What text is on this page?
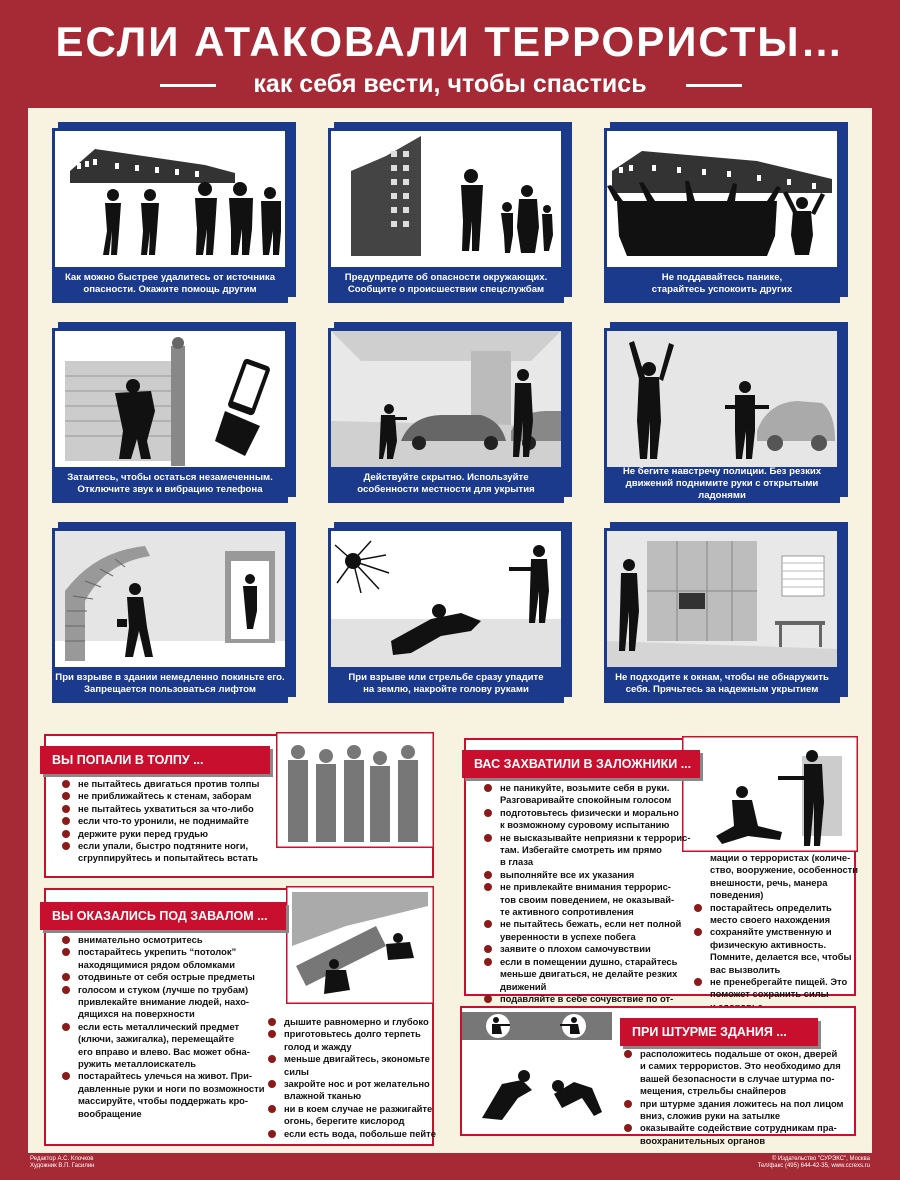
ЕСЛИ АТАКОВАЛИ ТЕРРОРИСТЫ…
как себя вести, чтобы спастись
Как можно быстрее удалитесь от источника
опасности. Окажите помощь другим
Предупредите об опасности окружающих.
Сообщите о происшествии спецслужбам
Не поддавайтесь панике,
старайтесь успокоить других
Затаитесь, чтобы остаться незамеченным.
Отключите звук и вибрацию телефона
Действуйте скрытно. Используйте
особенности местности для укрытия
Не бегите навстречу полиции. Без резких
движений поднимите руки с открытыми ладонями
При взрыве в здании немедленно покиньте его.
Запрещается пользоваться лифтом
При взрыве или стрельбе сразу упадите
на землю, накройте голову руками
Не подходите к окнам, чтобы не обнаружить
себя. Прячьтесь за надежным укрытием
ВЫ ПОПАЛИ В ТОЛПУ ...
не пытайтесь двигаться против толпы
не приближайтесь к стенам, заборам
не пытайтесь ухватиться за что-либо
если что-то уронили, не поднимайте
держите руки перед грудью
если упали, быстро подтяните ноги,
сгруппируйтесь и попытайтесь встать
ВЫ ОКАЗАЛИСЬ ПОД ЗАВАЛОМ ...
внимательно осмотритесь
постарайтесь укрепить “потолок”
находящимися рядом обломками
отодвиньте от себя острые предметы
голосом и стуком (лучше по трубам)
привлекайте внимание людей, нахо-
дящихся на поверхности
если есть металлический предмет
(ключи, зажигалка), перемещайте
его вправо и влево. Вас может обна-
ружить металлоискатель
постарайтесь улечься на живот. При-
давленные руки и ноги по возможности
массируйте, чтобы поддержать кро-
вообращение
дышите равномерно и глубоко
приготовьтесь долго терпеть
голод и жажду
меньше двигайтесь, экономьте силы
закройте нос и рот желательно
влажной тканью
ни в коем случае не разжигайте
огонь, берегите кислород
если есть вода, побольше пейте
ВАС ЗАХВАТИЛИ В ЗАЛОЖНИКИ ...
не паникуйте, возьмите себя в руки.
Разговаривайте спокойным голосом
подготовьтесь физически и морально
к возможному суровому испытанию
не высказывайте неприязни к террорис-
там. Избегайте смотреть им прямо
в глаза
выполняйте все их указания
не привлекайте внимания террорис-
тов своим поведением, не оказывай-
те активного сопротивления
не пытайтесь бежать, если нет полной
уверенности в успехе побега
заявите о плохом самочувствии
если в помещении душно, старайтесь
меньше двигаться, не делайте резких
движений
подавляйте в себе сочувствие по от-
мации о террористах (количе-
ство, вооружение, особенности
внешности, речь, манера
поведения)
постарайтесь определить
место своего нахождения
сохраняйте умственную и
физическую активность.
Помните, делается все, чтобы
вас вызволить
не пренебрегайте пищей. Это
поможет сохранить силы
ПРИ ШТУРМЕ ЗДАНИЯ ...
расположитесь подальше от окон, дверей
и самих террористов. Это необходимо для
вашей безопасности в случае штурма по-
мещения, стрельбы снайперов
при штурме здания ложитесь на пол лицом
вниз, сложив руки на затылке
оказывайте содействие сотрудникам пра-
воохранительных органов
Редактор А.С. Клочков
Художник В.П. Гасилин
© Издательство "СУРЭКС", Москва
Тел/факс (495) 644-42-35, www.ccrexs.ru
